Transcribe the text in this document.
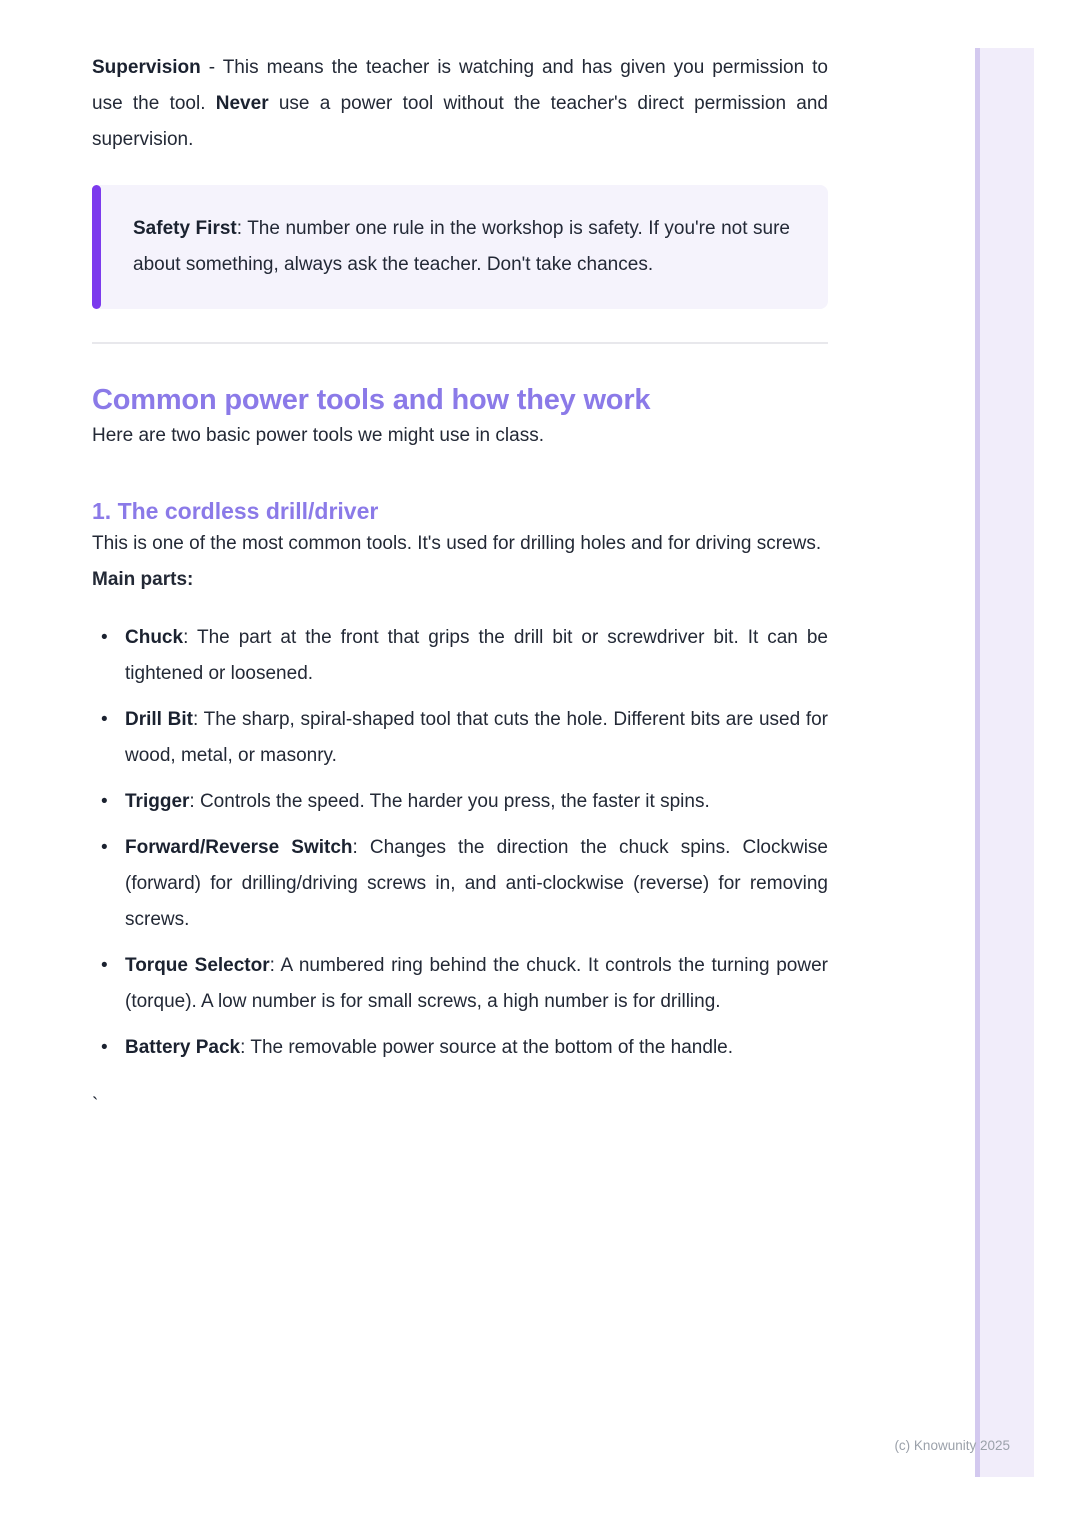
Supervision - This means the teacher is watching and has given you permission to use the tool. Never use a power tool without the teacher's direct permission and supervision.

Safety First: The number one rule in the workshop is safety. If you're not sure about something, always ask the teacher. Don't take chances.

Common power tools and how they work

Here are two basic power tools we might use in class.

1. The cordless drill/driver

This is one of the most common tools. It's used for drilling holes and for driving screws.

Main parts:

• Chuck: The part at the front that grips the drill bit or screwdriver bit. It can be tightened or loosened.
• Drill Bit: The sharp, spiral-shaped tool that cuts the hole. Different bits are used for wood, metal, or masonry.
• Trigger: Controls the speed. The harder you press, the faster it spins.
• Forward/Reverse Switch: Changes the direction the chuck spins. Clockwise (forward) for drilling/driving screws in, and anti-clockwise (reverse) for removing screws.
• Torque Selector: A numbered ring behind the chuck. It controls the turning power (torque). A low number is for small screws, a high number is for drilling.
• Battery Pack: The removable power source at the bottom of the handle.
`
(c) Knowunity 2025
